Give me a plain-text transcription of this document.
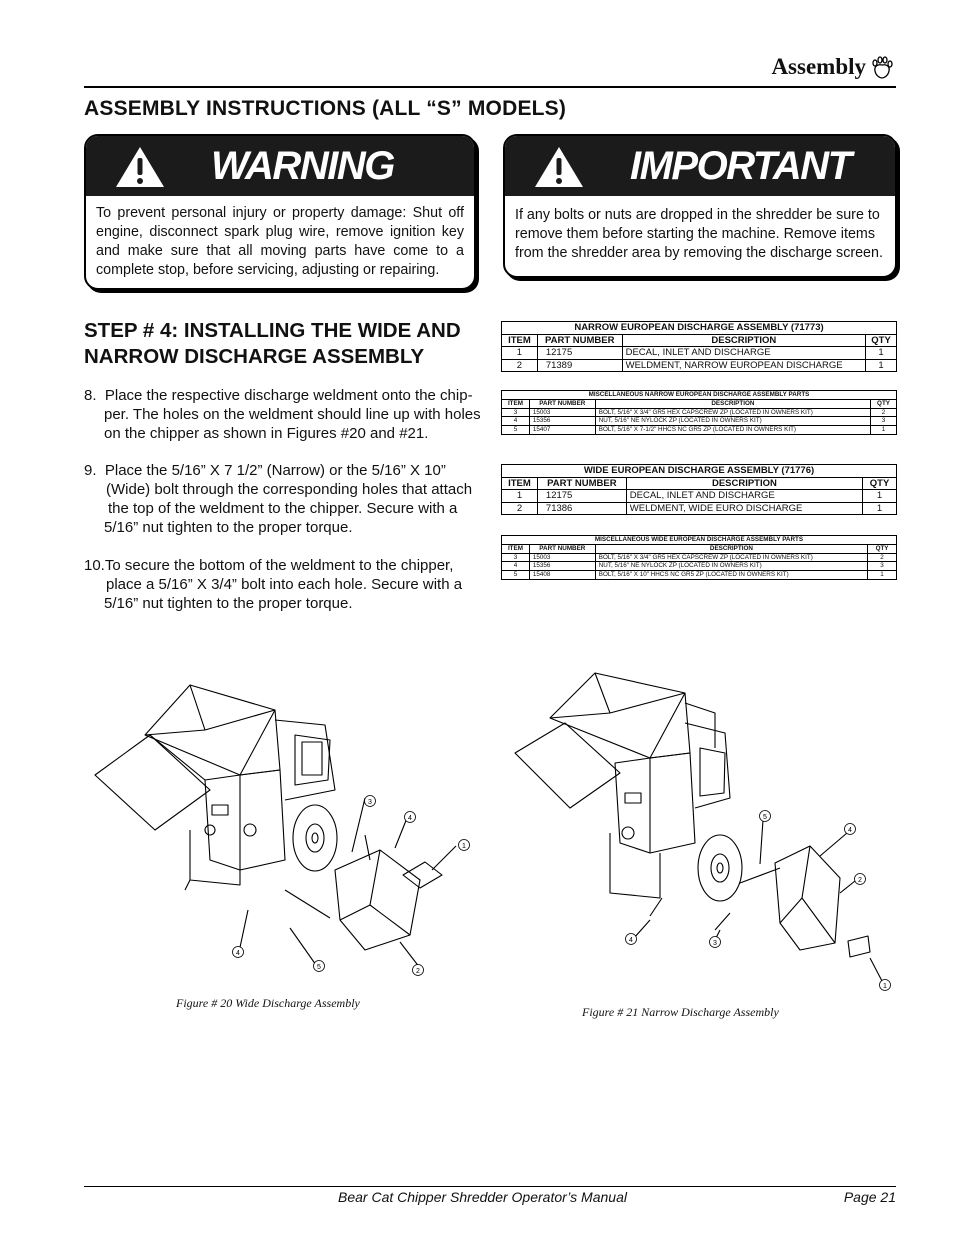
Assembly
ASSEMBLY INSTRUCTIONS (ALL “S” MODELS)
WARNING
To prevent personal injury or property damage: Shut off engine, disconnect spark plug wire, remove ignition key and make sure that all moving parts have come to a complete stop, before servicing, adjusting or repairing.
IMPORTANT
If any bolts or nuts are dropped in the shredder be sure to remove them before starting the machine. Remove items from the shredder area by removing the discharge screen.
STEP # 4: INSTALLING THE WIDE AND
NARROW DISCHARGE ASSEMBLY
8. Place the respective discharge weldment onto the chip-
per. The holes on the weldment should line up with holes
on the chipper as shown in Figures #20 and #21.
9. Place the 5/16” X 7 1/2” (Narrow) or the 5/16” X 10”
(Wide) bolt through the corresponding holes that attach
the top of the weldment to the chipper. Secure with a
5/16” nut tighten to the proper torque.
10.To secure the bottom of the weldment to the chipper,
place a 5/16” X 3/4” bolt into each hole. Secure with a
5/16” nut tighten to the proper torque.
NARROW EUROPEAN DISCHARGE ASSEMBLY (71773)			
ITEM	PART NUMBER	DESCRIPTION	QTY
1	12175	DECAL, INLET AND DISCHARGE	1
2	71389	WELDMENT, NARROW EUROPEAN DISCHARGE	1
MISCELLANEOUS NARROW EUROPEAN DISCHARGE ASSEMBLY PARTS			
ITEM	PART NUMBER	DESCRIPTION	QTY
3	15003	BOLT, 5/16" X 3/4" GR5 HEX CAPSCREW ZP (LOCATED IN OWNERS KIT)	2
4	15356	NUT, 5/16" NE NYLOCK ZP (LOCATED IN OWNERS KIT)	3
5	15407	BOLT, 5/16" X 7-1/2" HHCS NC GR5 ZP (LOCATED IN OWNERS KIT)	1
WIDE EUROPEAN DISCHARGE ASSEMBLY (71776)			
ITEM	PART NUMBER	DESCRIPTION	QTY
1	12175	DECAL, INLET AND DISCHARGE	1
2	71386	WELDMENT, WIDE EURO DISCHARGE	1
MISCELLANEOUS WIDE EUROPEAN DISCHARGE ASSEMBLY PARTS			
ITEM	PART NUMBER	DESCRIPTION	QTY
3	15003	BOLT, 5/16" X 3/4" GR5 HEX CAPSCREW ZP (LOCATED IN OWNERS KIT)	2
4	15356	NUT, 5/16" NE NYLOCK ZP (LOCATED IN OWNERS KIT)	3
5	15408	BOLT, 5/16" X 10" HHCS NC GR5 ZP (LOCATED IN OWNERS KIT)	1
3
4
1
4
5
2
Figure # 20 Wide Discharge Assembly
5
4
2
4	3
1
Figure # 21 Narrow Discharge Assembly
Bear Cat Chipper Shredder Operator’s Manual	Page 21
